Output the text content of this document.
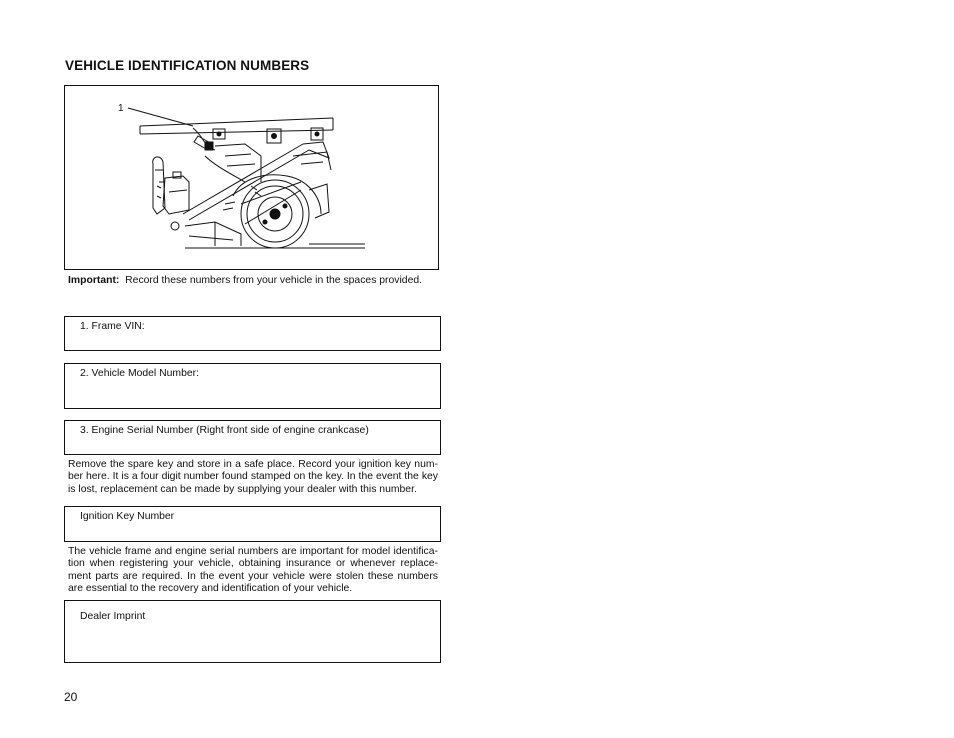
VEHICLE IDENTIFICATION NUMBERS
1
Important: Record these numbers from your vehicle in the spaces provided.
1. Frame VIN:
2. Vehicle Model Number:
3. Engine Serial Number (Right front side of engine crankcase)
Remove the spare key and store in a safe place. Record your ignition key num-ber here. It is a four digit number found stamped on the key. In the event the key is lost, replacement can be made by supplying your dealer with this number.
Ignition Key Number
The vehicle frame and engine serial numbers are important for model identifica-tion when registering your vehicle, obtaining insurance or whenever replace-ment parts are required. In the event your vehicle were stolen these numbers are essential to the recovery and identification of your vehicle.
Dealer Imprint
20
